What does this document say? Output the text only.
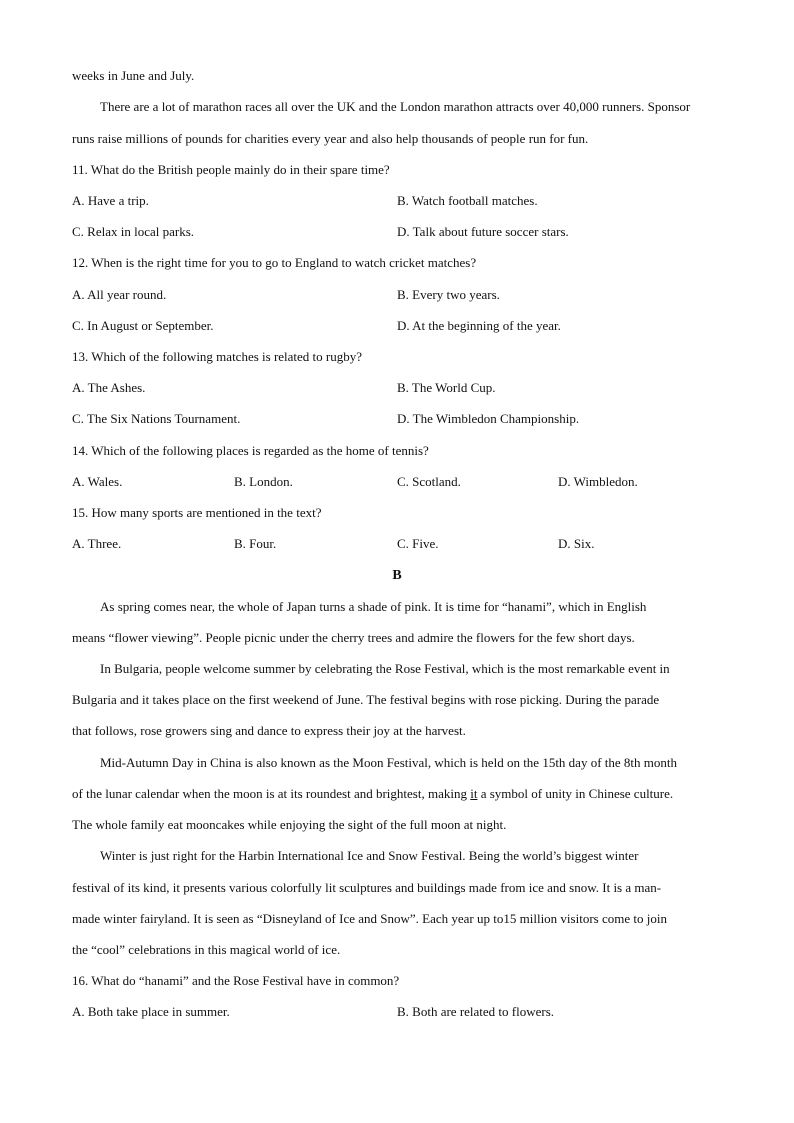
weeks in June and July.
There are a lot of marathon races all over the UK and the London marathon attracts over 40,000 runners. Sponsor
runs raise millions of pounds for charities every year and also help thousands of people run for fun.
11. What do the British people mainly do in their spare time?
A. Have a trip.	B. Watch football matches.
C. Relax in local parks.	D. Talk about future soccer stars.
12. When is the right time for you to go to England to watch cricket matches?
A. All year round.	B. Every two years.
C. In August or September.	D. At the beginning of the year.
13. Which of the following matches is related to rugby?
A. The Ashes.	B. The World Cup.
C. The Six Nations Tournament.	D. The Wimbledon Championship.
14. Which of the following places is regarded as the home of tennis?
A. Wales.	B. London.	C. Scotland.	D. Wimbledon.
15. How many sports are mentioned in the text?
A. Three.	B. Four.	C. Five.	D. Six.
B
As spring comes near, the whole of Japan turns a shade of pink. It is time for “hanami”, which in English
means “flower viewing”. People picnic under the cherry trees and admire the flowers for the few short days.
In Bulgaria, people welcome summer by celebrating the Rose Festival, which is the most remarkable event in
Bulgaria and it takes place on the first weekend of June. The festival begins with rose picking. During the parade
that follows, rose growers sing and dance to express their joy at the harvest.
Mid-Autumn Day in China is also known as the Moon Festival, which is held on the 15th day of the 8th month
of the lunar calendar when the moon is at its roundest and brightest, making it a symbol of unity in Chinese culture.
The whole family eat mooncakes while enjoying the sight of the full moon at night.
Winter is just right for the Harbin International Ice and Snow Festival. Being the world’s biggest winter
festival of its kind, it presents various colorfully lit sculptures and buildings made from ice and snow. It is a man-
made winter fairyland. It is seen as “Disneyland of Ice and Snow”. Each year up to15 million visitors come to join
the “cool” celebrations in this magical world of ice.
16. What do “hanami” and the Rose Festival have in common?
A. Both take place in summer.	B. Both are related to flowers.
